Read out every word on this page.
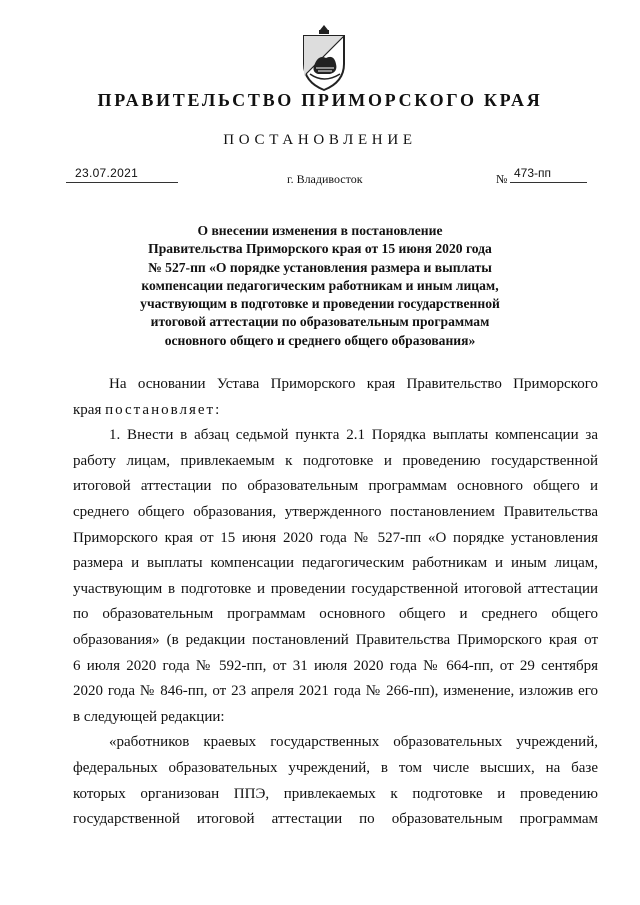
ПРАВИТЕЛЬСТВО ПРИМОРСКОГО КРАЯ
ПОСТАНОВЛЕНИЕ
23.07.2021	г. Владивосток	№ 473-пп
О внесении изменения в постановление
Правительства Приморского края от 15 июня 2020 года
№ 527-пп «О порядке установления размера и выплаты
компенсации педагогическим работникам и иным лицам,
участвующим в подготовке и проведении государственной
итоговой аттестации по образовательным программам
основного общего и среднего общего образования»

На основании Устава Приморского края Правительство Приморского
края постановляет:

1. Внести в абзац седьмой пункта 2.1 Порядка выплаты компенсации за
работу лицам, привлекаемым к подготовке и проведению государственной
итоговой аттестации по образовательным программам основного общего и
среднего общего образования, утвержденного постановлением Правительства
Приморского края от 15 июня 2020 года № 527-пп «О порядке установления
размера и выплаты компенсации педагогическим работникам и иным лицам,
участвующим в подготовке и проведении государственной итоговой аттестации
по образовательным программам основного общего и среднего общего
образования» (в редакции постановлений Правительства Приморского края от
6 июля 2020 года № 592-пп, от 31 июля 2020 года № 664-пп, от 29 сентября
2020 года № 846-пп, от 23 апреля 2021 года № 266-пп), изменение, изложив его
в следующей редакции:

«работников краевых государственных образовательных учреждений,
федеральных образовательных учреждений, в том числе высших, на базе
которых организован ППЭ, привлекаемых к подготовке и проведению
государственной итоговой аттестации по образовательным программам
